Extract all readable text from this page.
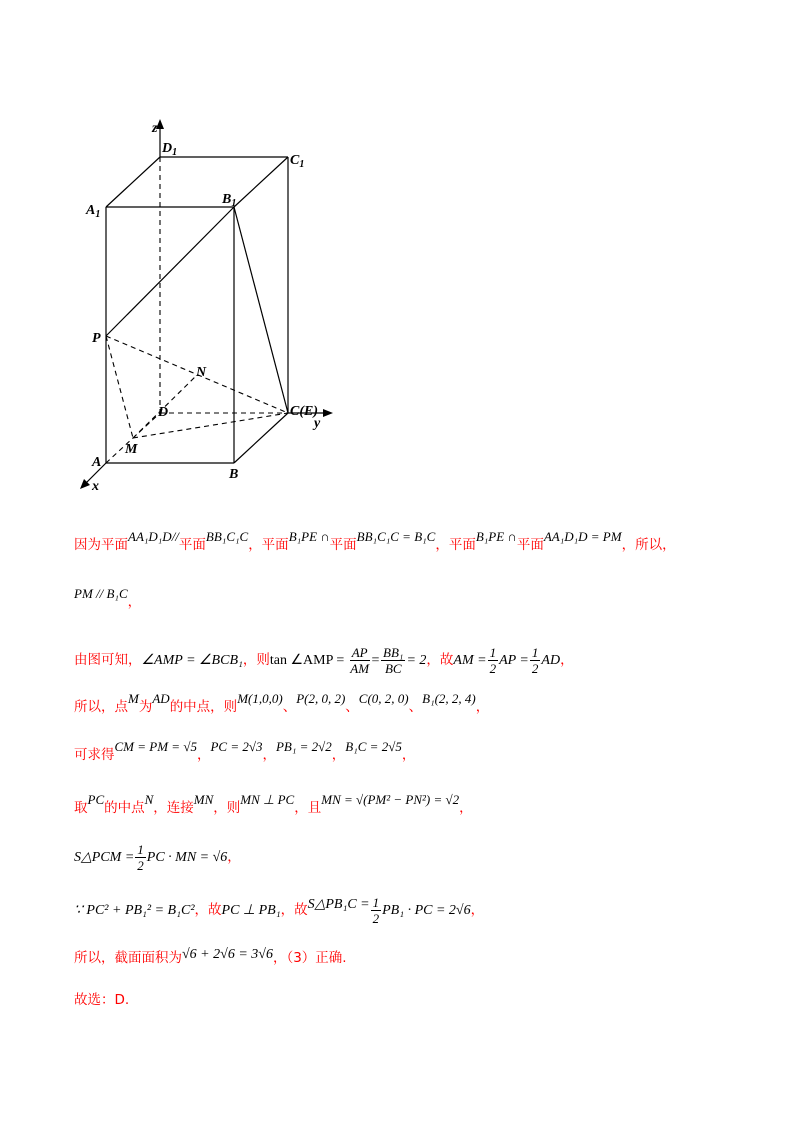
z
$D_1$
$C_1$
$A_1$
$B_1$
P
N
D	C(E)
y
M
A
B
x
因为平面AA₁D₁D//平面BB₁C₁C，平面B₁PE ∩平面BB₁C₁C = B₁C，平面B₁PE ∩平面AA₁D₁D = PM，所以，
PM // B₁C，
由图可知，∠AMP = ∠BCB₁，则tan ∠AMP = $\frac{AP}{AM} = \frac{\text{BB₁}}{BC} = 2$，故AM = $\frac{1}{2}$ AP = $\frac{1}{2}$ AD，
所以，点M为AD的中点，则M(1,0,0)、P(2, 0, 2)、C(0, 2, 0)、B₁(2, 2, 4)，
可求得CM = PM = √5，PC = 2√3，PB₁ = 2√2，B₁C = 2√5，
取PC的中点N，连接MN，则MN ⊥ PC，且MN = √(PM² − PN²) = √2，
S△PCM = $\frac{1}{2}$ PC · MN = √6，
∵ PC² + PB₁² = B₁C²，故PC ⊥ PB₁，故S△PB₁C = $\frac{1}{2} PB_1$ · PC = 2√6，
所以，截面面积为√6 + 2√6 = 3√6，（3）正确.
故选：D.
